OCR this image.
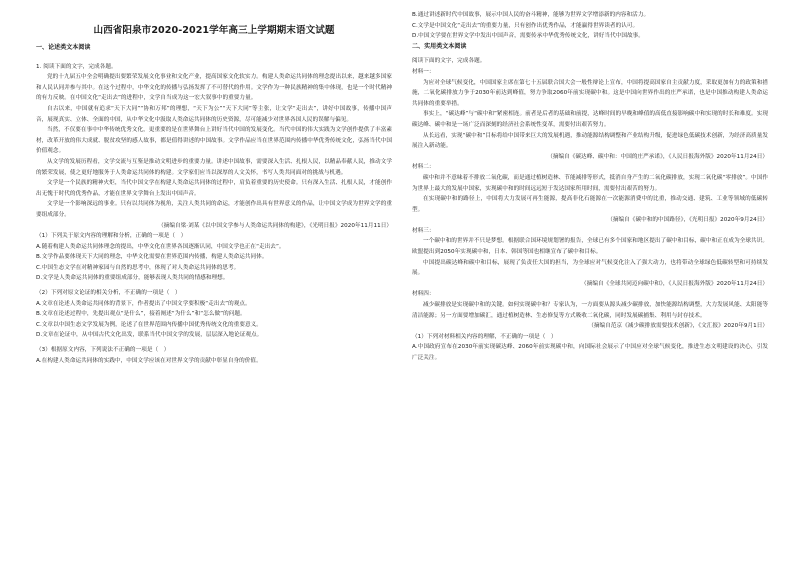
山西省阳泉市2020-2021学年高三上学期期末语文试题

一、论述类文本阅读

1. 阅读下面的文字，完成各题。

党的十九届五中全会明确提出要繁荣发展文化事业和文化产业，提高国家文化软实力。构建人类命运共同体的理念提出以来，越来越多国家和人民认同并参与其中。在这个过程中，中华文化的传播与弘扬发挥了不可替代的作用。文学作为一种民族精神的集中体现，也是一个时代精神的有力反映。在中国文化“走出去”的进程中，文学自当成为这一宏大叙事中的重要力量。

自古以来，中国就有追求“天下大同”“协和万邦”的理想，“天下为公”“天下大同”等主张，让文学“走出去”，讲好中国故事，传播中国声音，展现真实、立体、全面的中国，从中华文化中汲取人类命运共同体的历史资源，尽可能减少对世界各国人民的误解与偏见。

当然，不仅要在事中中华传统优秀文化，更重要的是在世界舞台上讲好当代中国的发展变化。当代中国的伟大实践为文学创作提供了丰富素材，改革开放的伟大成就、脱贫攻坚的感人故事，都是值得讲述的中国故事。文学作品应当在世界范围内传播中华优秀传统文化，弘扬当代中国价值观念。

从文学的发展历程看，文学交流与互鉴是推动文明进步的重要力量。讲述中国故事，需要深入生活、扎根人民，以精品奉献人民，推动文学的繁荣发展，使之更好地服务于人类命运共同体的构建。文学家们应当以深厚的人文关怀，书写人类共同面对的挑战与机遇。

文学是一个民族的精神火炬，当代中国文学在构建人类命运共同体的过程中，肩负着重要的历史使命。只有深入生活、扎根人民，才能创作出无愧于时代的优秀作品，才能在世界文学舞台上发出中国声音。

文学是一个影响深远的事业。只有以共同体为视角，关注人类共同的命运，才能创作出具有世界意义的作品，让中国文学成为世界文学的重要组成部分。

（摘编自梁·刘某《以中国文学参与人类命运共同体的构建》，《光明日报》2020年11月11日）

（1）下列关于原文内容的理解和分析，正确的一项是（　）

A.随着构建人类命运共同体理念的提出，中华文化在世界各国逐渐认同，中国文学也正在“走出去”。

B.文学作品要体现天下大同的理念，中华文化需要在世界范围内传播，构建人类命运共同体。

C.中国生态文学在对精神家园与自然的思考中，体现了对人类命运共同体的思考。

D.文学是人类命运共同体的重要组成部分，能够表现人类共同的情感和理想。

（2）下列对原文论证的相关分析，不正确的一项是（　）

A.文章在论述人类命运共同体的背景下，作者提出了中国文学要积极“走出去”的观点。

B.文章在论述过程中，先提出观点“是什么”，接着阐述“为什么”和“怎么做”的问题。

C.文章以中国生态文学发展为例，论述了在世界范围内传播中国优秀传统文化的重要意义。

D.文章在论证中，从中国古代文化出发，联系当代中国文学的发展，层层深入地论证观点。

（3）根据原文内容，下列说法不正确的一项是（　）

A.在构建人类命运共同体的实践中，中国文学应该在对世界文学的贡献中彰显自身的价值。

B.通过讲述新时代中国故事，展示中国人民的奋斗精神，能够为世界文学增添新的内容和活力。

C.文学是中国文化“走出去”的重要力量，只有创作出优秀作品，才能赢得世界读者的认可。

D.中国文学要在世界文学中发出中国声音，需要传承中华优秀传统文化，讲好当代中国故事。

二、实用类文本阅读

阅读下面的文字，完成各题。

材料一：

为应对全球气候变化，中国国家主席在第七十五届联合国大会一般性辩论上宣布，中国将提高国家自主贡献力度，采取更加有力的政策和措施，二氧化碳排放力争于2030年前达到峰值，努力争取2060年前实现碳中和。这是中国向世界作出的庄严承诺，也是中国推动构建人类命运共同体的重要举措。

事实上，“碳达峰”与“碳中和”紧密相连。前者是后者的基础和前提，达峰时间的早晚和峰值的高低直接影响碳中和实现的时长和难度。实现碳达峰、碳中和是一场广泛而深刻的经济社会系统性变革，需要付出艰苦努力。

从长远看，实现“碳中和”目标将给中国带来巨大的发展机遇，推动能源结构调整和产业结构升级，促进绿色低碳技术创新，为经济高质量发展注入新动能。

（摘编自《碳达峰、碳中和：中国的庄严承诺》，《人民日报海外版》2020年11月24日）

材料二：

碳中和并不意味着不排放二氧化碳，而是通过植树造林、节能减排等形式，抵消自身产生的二氧化碳排放，实现二氧化碳“零排放”。中国作为世界上最大的发展中国家，实现碳中和的时间远远短于发达国家所用时间，需要付出艰苦的努力。

在实现碳中和的路径上，中国将大力发展可再生能源，提高非化石能源在一次能源消费中的比重，推动交通、建筑、工业等领域的低碳转型。

（摘编自《碳中和的中国路径》，《光明日报》2020年9月24日）

材料三：

一个碳中和的世界并不只是梦想。根据联合国环境规划署的报告，全球已有多个国家和地区提出了碳中和目标，碳中和正在成为全球共识。欧盟提出到2050年实现碳中和，日本、韩国等国也相继宣布了碳中和目标。

中国提出碳达峰和碳中和目标，展现了负责任大国的担当，为全球应对气候变化注入了强大动力，也将带动全球绿色低碳转型和可持续发展。

（摘编自《全球共同迈向碳中和》，《人民日报海外版》2020年11月24日）

材料四：

减少碳排放是实现碳中和的关键。如何实现碳中和？专家认为，一方面要从源头减少碳排放，加快能源结构调整，大力发展风能、太阳能等清洁能源；另一方面要增加碳汇，通过植树造林、生态修复等方式吸收二氧化碳，同时发展碳捕集、利用与封存技术。

（摘编自范京《减少碳排放需要技术创新》，《文汇报》2020年9月1日）

（1）下列对材料相关内容的理解，不正确的一项是（　）

A.中国政府宣布在2030年前实现碳达峰、2060年前实现碳中和，向国际社会展示了中国应对全球气候变化，推进生态文明建设的决心，引发广泛关注。
